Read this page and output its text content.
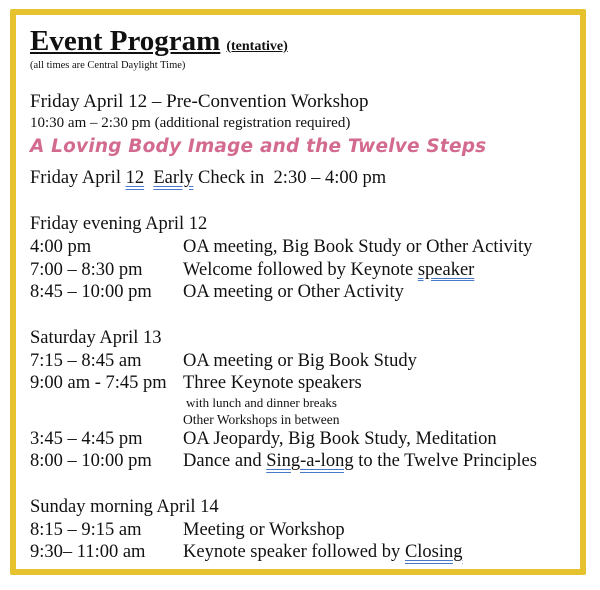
Event Program (tentative)
(all times are Central Daylight Time)
Friday April 12 – Pre-Convention Workshop
10:30 am – 2:30 pm (additional registration required)
A Loving Body Image and the Twelve Steps
Friday April 12 Early Check in  2:30 – 4:00 pm
Friday evening April 12
4:00 pm	OA meeting, Big Book Study or Other Activity
7:00 – 8:30 pm	Welcome followed by Keynote speaker
8:45 – 10:00 pm	OA meeting or Other Activity
Saturday April 13
7:15 – 8:45 am	OA meeting or Big Book Study
9:00 am - 7:45 pm Three Keynote speakers
with lunch and dinner breaks
Other Workshops in between
3:45 – 4:45 pm	OA Jeopardy, Big Book Study, Meditation
8:00 – 10:00 pm	Dance and Sing-a-long to the Twelve Principles
Sunday morning April 14
8:15 – 9:15 am	Meeting or Workshop
9:30– 11:00 am	Keynote speaker followed by Closing
